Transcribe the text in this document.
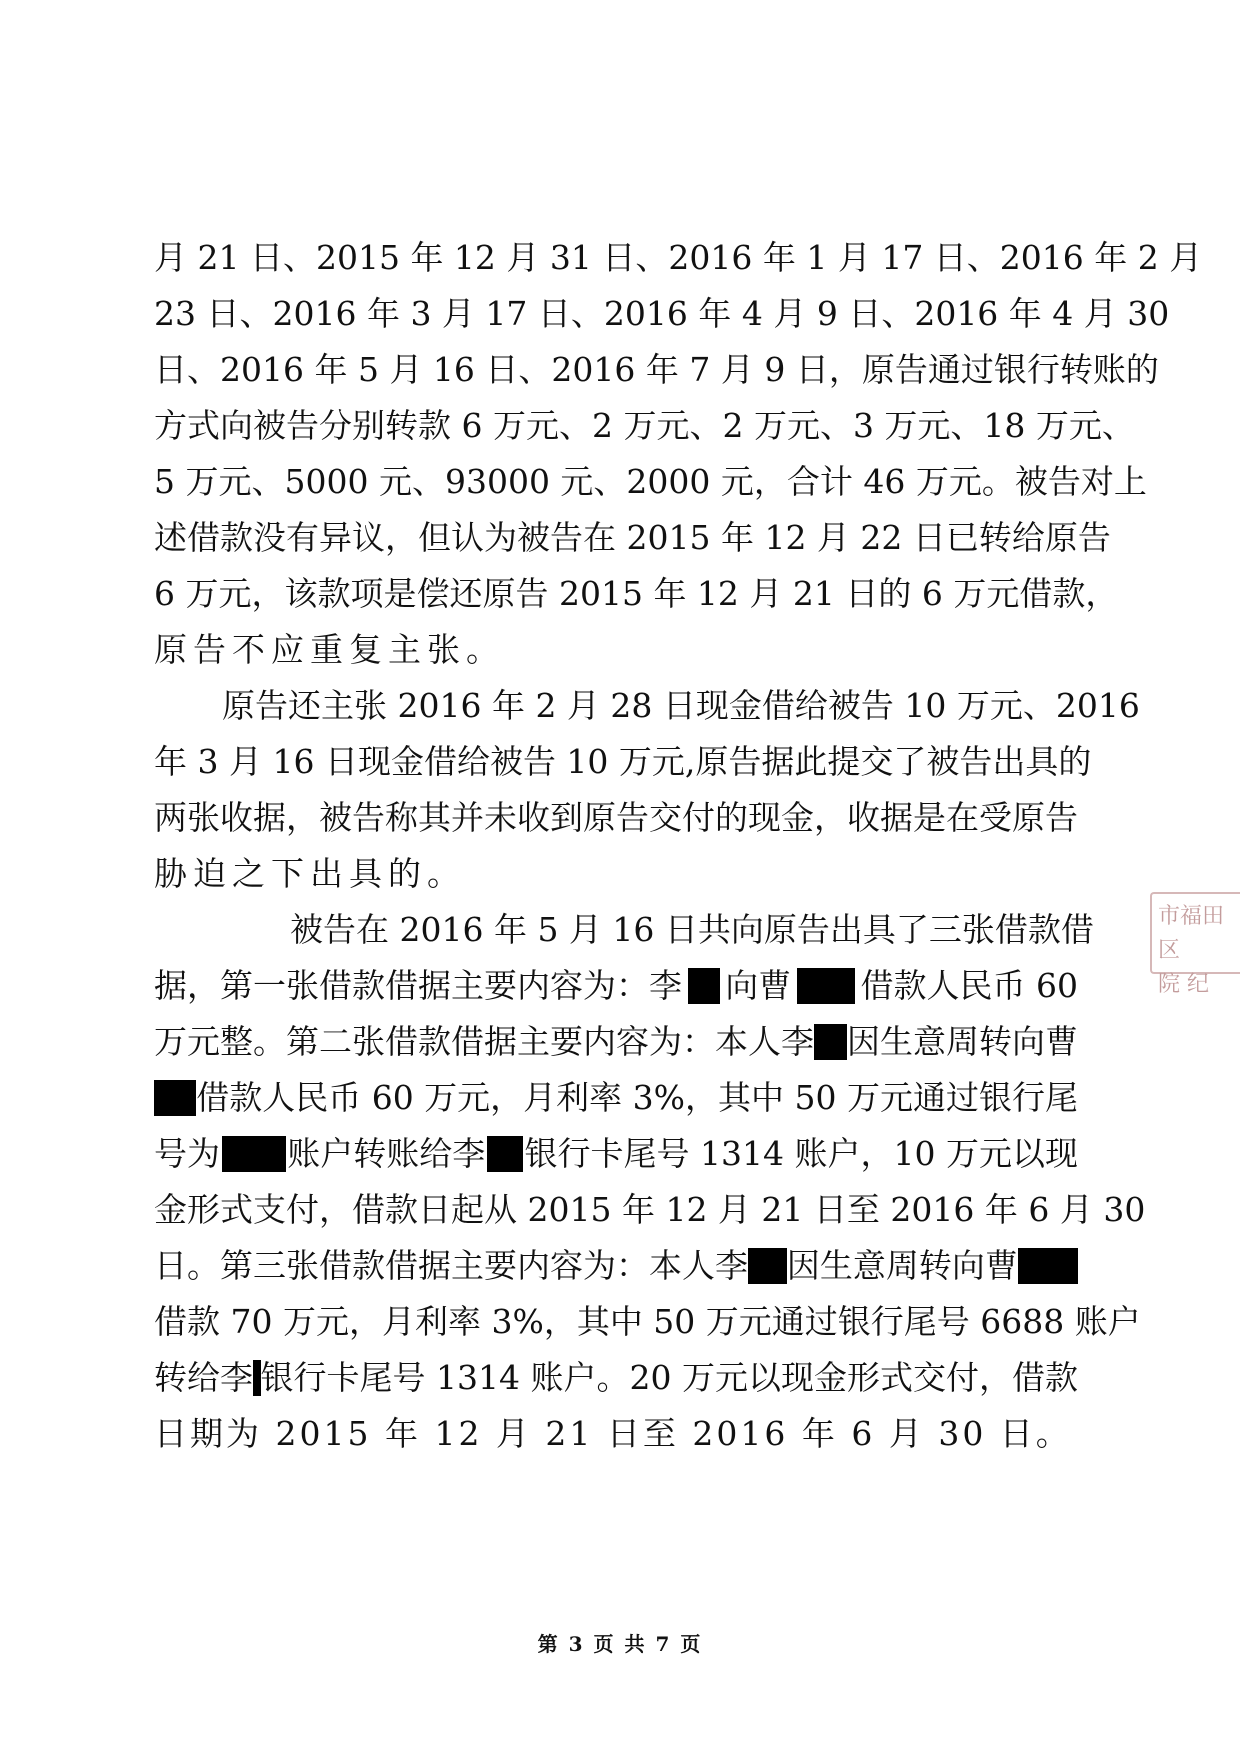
月 21 日、2015 年 12 月 31 日、2016 年 1 月 17 日、2016 年 2 月
23 日、2016 年 3 月 17 日、2016 年 4 月 9 日、2016 年 4 月 30
日、2016 年 5 月 16 日、2016 年 7 月 9 日，原告通过银行转账的
方式向被告分别转款 6 万元、2 万元、2 万元、3 万元、18 万元、
5 万元、5000 元、93000 元、2000 元，合计 46 万元。被告对上
述借款没有异议，但认为被告在 2015 年 12 月 22 日已转给原告
6 万元，该款项是偿还原告 2015 年 12 月 21 日的 6 万元借款，
原告不应重复主张。
原告还主张 2016 年 2 月 28 日现金借给被告 10 万元、2016
年 3 月 16 日现金借给被告 10 万元,原告据此提交了被告出具的
两张收据，被告称其并未收到原告交付的现金，收据是在受原告
胁迫之下出具的。
被告在 2016 年 5 月 16 日共向原告出具了三张借款借
据，第一张借款借据主要内容为：李 向曹 借款人民币 60
万元整。第二张借款借据主要内容为：本人李 因生意周转向曹
借款人民币 60 万元，月利率 3%，其中 50 万元通过银行尾
号为 账户转账给李 银行卡尾号 1314 账户，10 万元以现
金形式支付，借款日起从 2015 年 12 月 21 日至 2016 年 6 月 30
日。第三张借款借据主要内容为：本人李 因生意周转向曹
借款 70 万元，月利率 3%，其中 50 万元通过银行尾号 6688 账户
转给李 银行卡尾号 1314 账户。20 万元以现金形式交付，借款
日期为 2015 年 12 月 21 日至 2016 年 6 月 30 日。
市福田区
院 纪
第 3 页 共 7 页
